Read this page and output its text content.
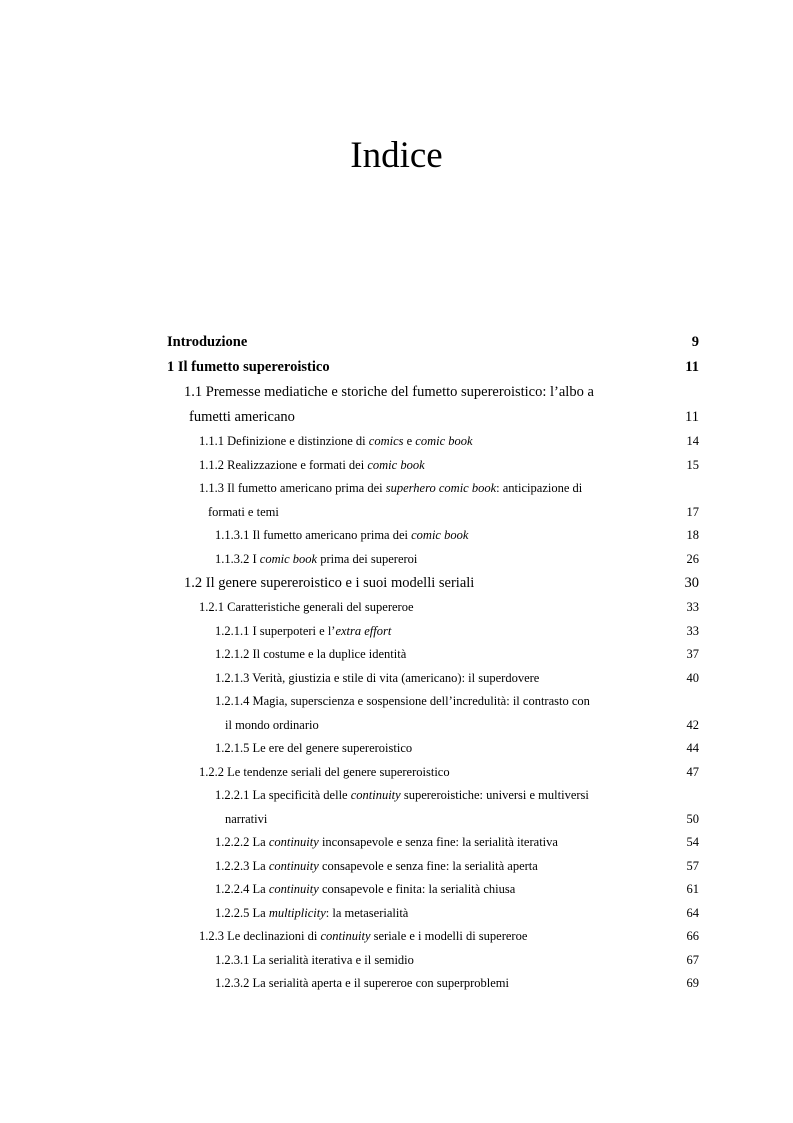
Indice
Introduzione	9
1 Il fumetto supereroistico	11
1.1 Premesse mediatiche e storiche del fumetto supereroistico: l’albo a
fumetti americano	11
1.1.1 Definizione e distinzione di comics e comic book	14
1.1.2 Realizzazione e formati dei comic book	15
1.1.3 Il fumetto americano prima dei superhero comic book: anticipazione di
formati e temi	17
1.1.3.1 Il fumetto americano prima dei comic book	18
1.1.3.2 I comic book prima dei supereroi	26
1.2 Il genere supereroistico e i suoi modelli seriali	30
1.2.1 Caratteristiche generali del supereroe	33
1.2.1.1 I superpoteri e l’extra effort	33
1.2.1.2 Il costume e la duplice identità	37
1.2.1.3 Verità, giustizia e stile di vita (americano): il superdovere	40
1.2.1.4 Magia, superscienza e sospensione dell’incredulità: il contrasto con
il mondo ordinario	42
1.2.1.5 Le ere del genere supereroistico	44
1.2.2 Le tendenze seriali del genere supereroistico	47
1.2.2.1 La specificità delle continuity supereroistiche: universi e multiversi
narrativi	50
1.2.2.2 La continuity inconsapevole e senza fine: la serialità iterativa	54
1.2.2.3 La continuity consapevole e senza fine: la serialità aperta	57
1.2.2.4 La continuity consapevole e finita: la serialità chiusa	61
1.2.2.5 La multiplicity: la metaserialità	64
1.2.3 Le declinazioni di continuity seriale e i modelli di supereroe	66
1.2.3.1 La serialità iterativa e il semidio	67
1.2.3.2 La serialità aperta e il supereroe con superproblemi	69
